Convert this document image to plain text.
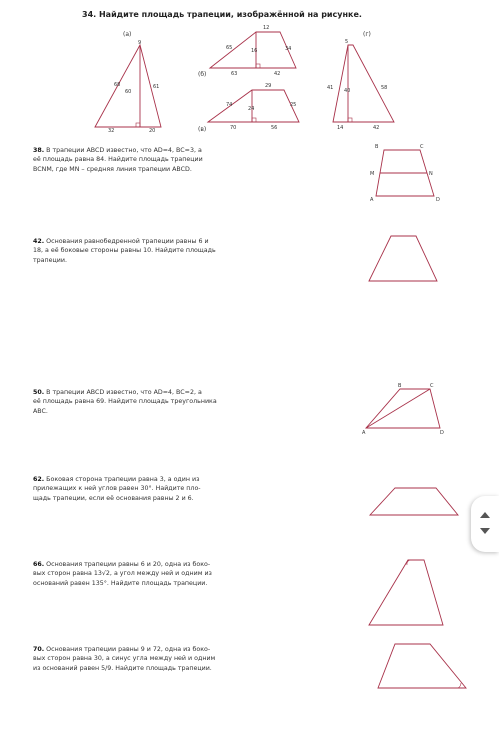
34. Найдите площадь трапеции, изображённой на рисунке.
(а)
9
68
60
61
32	20
(б)
12
65	16	34
63	42
(в)
29
74
24
25
70	56
(г)
5
41 40	58
14	42
38. В трапеции ABCD известно, что AD=4, BC=3, а
её площадь равна 84. Найдите площадь трапеции
BCNM, где MN – средняя линия трапеции ABCD.
42. Основания равнобедренной трапеции равны 6 и
18, а её боковые стороны равны 10. Найдите площадь
трапеции.
50. В трапеции ABCD известно, что AD=4, BC=2, а
её площадь равна 69. Найдите площадь треугольника
ABC.
62. Боковая сторона трапеции равна 3, а один из
прилежащих к ней углов равен 30°. Найдите пло-
щадь трапеции, если её основания равны 2 и 6.
66. Основания трапеции равны 6 и 20, одна из боко-
вых сторон равна 13√2, а угол между ней и одним из
оснований равен 135°. Найдите площадь трапеции.
70. Основания трапеции равны 9 и 72, одна из боко-
вых сторон равна 30, а синус угла между ней и одним
из оснований равен 5/9. Найдите площадь трапеции.
B	C
M	N
A	D
B	C
A	D
